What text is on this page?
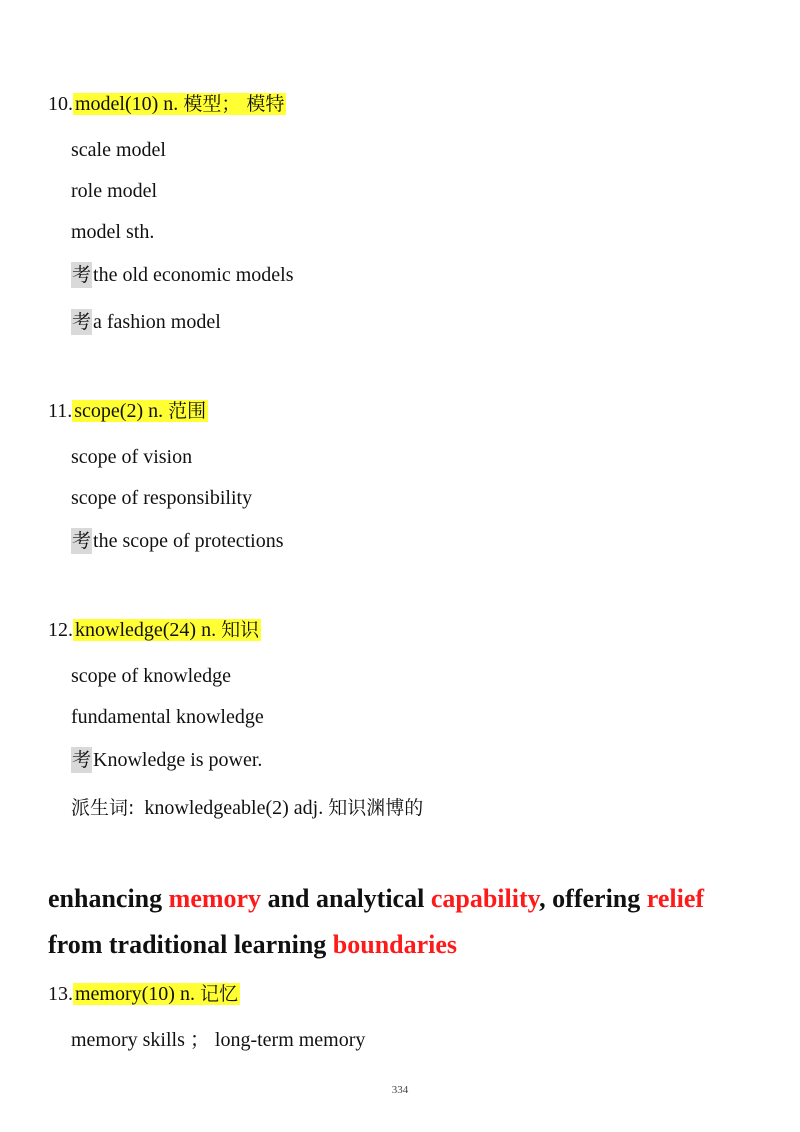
10. model(10) n. 模型； 模特
scale model
role model
model sth.
考 the old economic models
考 a fashion model
11. scope(2) n. 范围
scope of vision
scope of responsibility
考 the scope of protections
12. knowledge(24) n. 知识
scope of knowledge
fundamental knowledge
考 Knowledge is power.
派生词: knowledgeable(2) adj. 知识渊博的
enhancing memory and analytical capability, offering relief
from traditional learning boundaries
13. memory(10) n. 记忆
memory skills ； long-term memory
334
